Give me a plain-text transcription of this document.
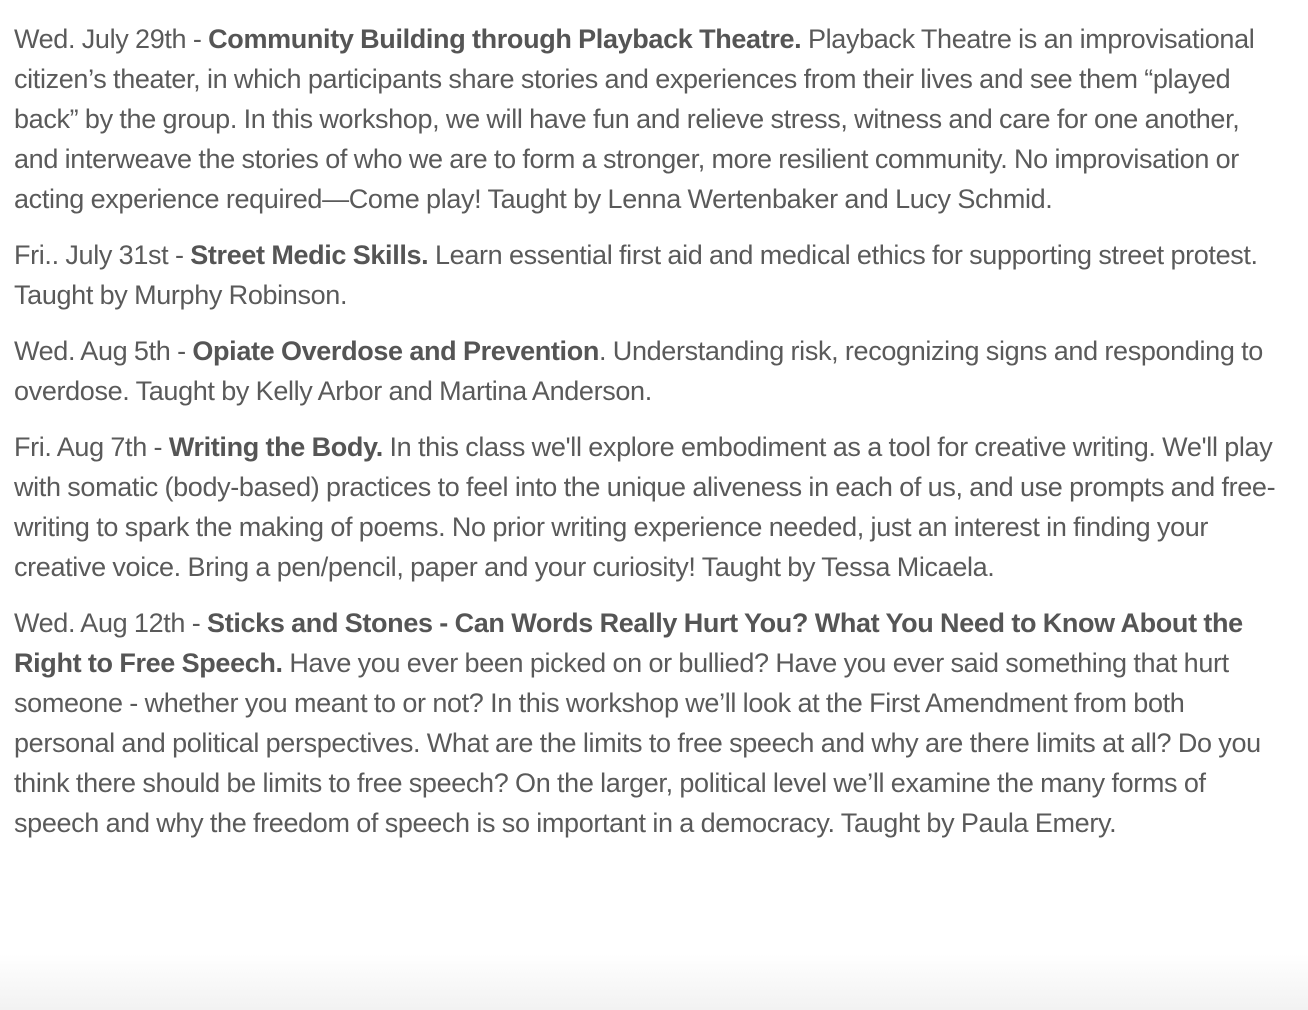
Wed. July 29th - Community Building through Playback Theatre. Playback Theatre is an improvisational citizen’s theater, in which participants share stories and experiences from their lives and see them “played back” by the group. In this workshop, we will have fun and relieve stress, witness and care for one another, and interweave the stories of who we are to form a stronger, more resilient community. No improvisation or acting experience required—Come play! Taught by Lenna Wertenbaker and Lucy Schmid.

Fri.. July 31st - Street Medic Skills. Learn essential first aid and medical ethics for supporting street protest. Taught by Murphy Robinson.

Wed. Aug 5th - Opiate Overdose and Prevention. Understanding risk, recognizing signs and responding to overdose. Taught by Kelly Arbor and Martina Anderson.

Fri. Aug 7th - Writing the Body. In this class we'll explore embodiment as a tool for creative writing. We'll play with somatic (body-based) practices to feel into the unique aliveness in each of us, and use prompts and free-writing to spark the making of poems. No prior writing experience needed, just an interest in finding your creative voice. Bring a pen/pencil, paper and your curiosity! Taught by Tessa Micaela.

Wed. Aug 12th - Sticks and Stones - Can Words Really Hurt You? What You Need to Know About the Right to Free Speech. Have you ever been picked on or bullied? Have you ever said something that hurt someone - whether you meant to or not? In this workshop we’ll look at the First Amendment from both personal and political perspectives. What are the limits to free speech and why are there limits at all? Do you think there should be limits to free speech? On the larger, political level we’ll examine the many forms of speech and why the freedom of speech is so important in a democracy. Taught by Paula Emery.
